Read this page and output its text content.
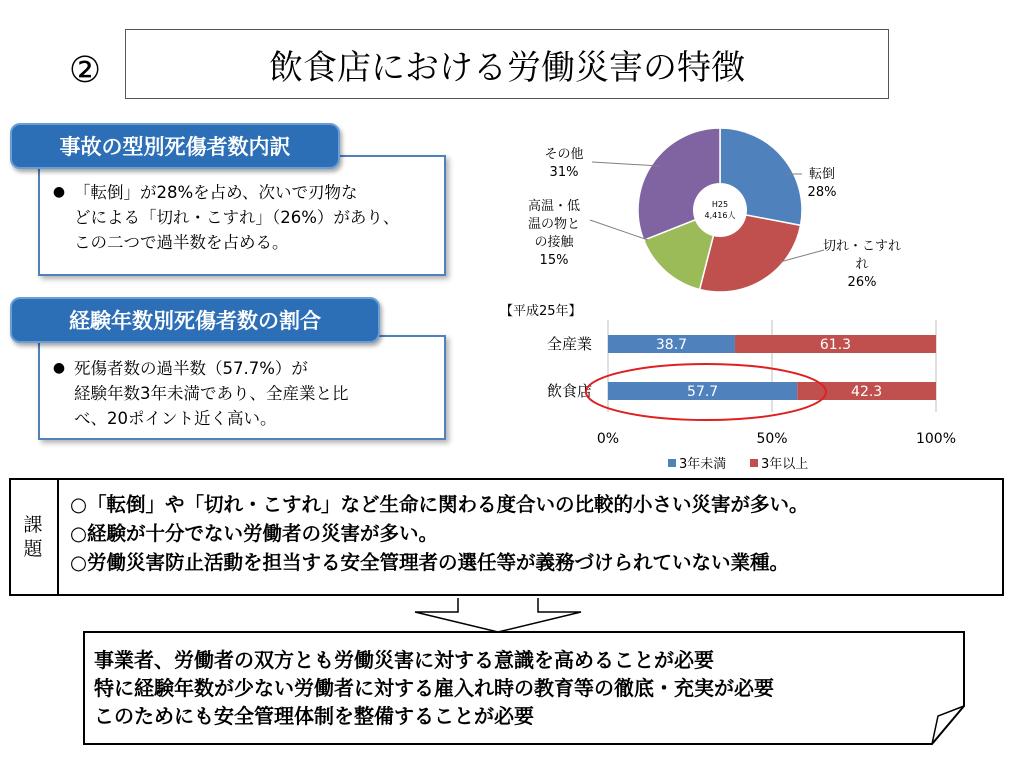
②	飲食店における労働災害の特徴
事故の型別死傷者数内訳
● 「転倒」が28%を占め、次いで刃物な
どによる「切れ・こすれ」（26%）があり、
この二つで過半数を占める。
経験年数別死傷者数の割合
● 死傷者数の過半数（57.7%）が
経験年数3年未満であり、全産業と比
べ、20ポイント近く高い。
H25
4,416人
転倒
28%
切れ・こすれ
れ
26%
高温・低
温の物と
の接触
15%
その他
31%
【平成25年】
0%	50%	100%
全産業	38.7	61.3
飲食店	57.7	42.3
3年未満	3年以上
課
題
○「転倒」や「切れ・こすれ」など生命に関わる度合いの比較的小さい災害が多い。
○経験が十分でない労働者の災害が多い。
○労働災害防止活動を担当する安全管理者の選任等が義務づけられていない業種。
事業者、労働者の双方とも労働災害に対する意識を高めることが必要
特に経験年数が少ない労働者に対する雇入れ時の教育等の徹底・充実が必要
このためにも安全管理体制を整備することが必要
